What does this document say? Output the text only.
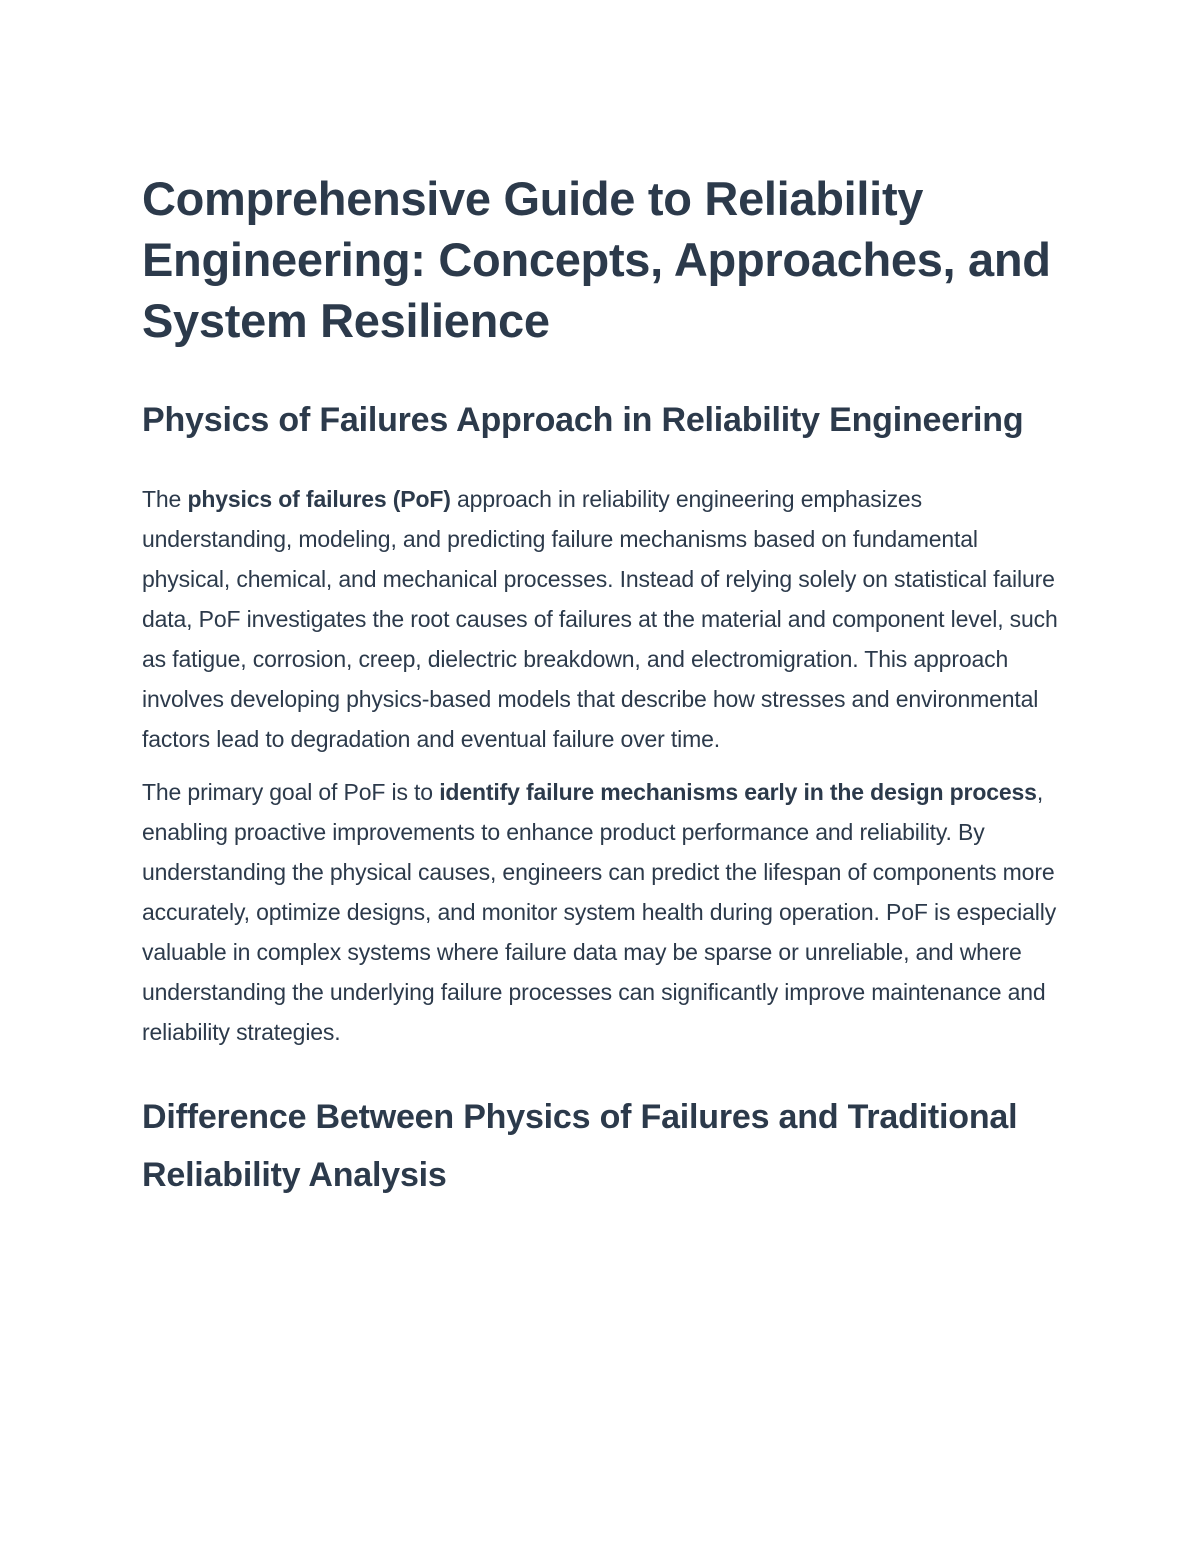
Comprehensive Guide to Reliability Engineering: Concepts, Approaches, and System Resilience
Physics of Failures Approach in Reliability Engineering

The physics of failures (PoF) approach in reliability engineering emphasizes understanding, modeling, and predicting failure mechanisms based on fundamental physical, chemical, and mechanical processes. Instead of relying solely on statistical failure data, PoF investigates the root causes of failures at the material and component level, such as fatigue, corrosion, creep, dielectric breakdown, and electromigration. This approach involves developing physics-based models that describe how stresses and environmental factors lead to degradation and eventual failure over time.

The primary goal of PoF is to identify failure mechanisms early in the design process, enabling proactive improvements to enhance product performance and reliability. By understanding the physical causes, engineers can predict the lifespan of components more accurately, optimize designs, and monitor system health during operation. PoF is especially valuable in complex systems where failure data may be sparse or unreliable, and where understanding the underlying failure processes can significantly improve maintenance and reliability strategies.

Difference Between Physics of Failures and Traditional Reliability Analysis
